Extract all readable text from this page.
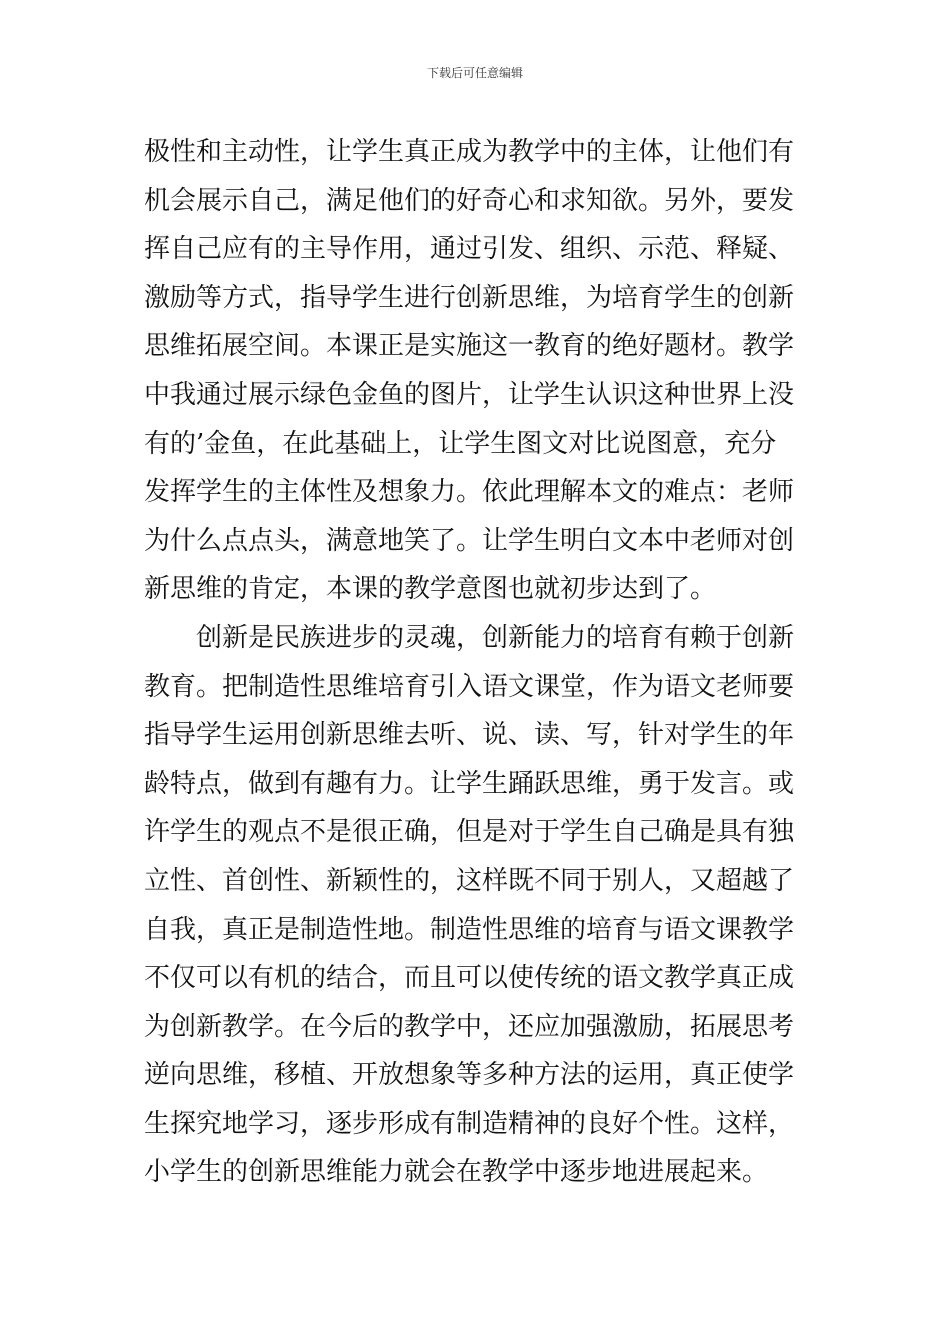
下载后可任意编辑
极性和主动性，让学生真正成为教学中的主体，让他们有
机会展示自己，满足他们的好奇心和求知欲。另外，要发
挥自己应有的主导作用，通过引发、组织、示范、释疑、
激励等方式，指导学生进行创新思维，为培育学生的创新
思维拓展空间。本课正是实施这一教育的绝好题材。教学
中我通过展示绿色金鱼的图片，让学生认识这种世界上没
有的’金鱼，在此基础上，让学生图文对比说图意，充分
发挥学生的主体性及想象力。依此理解本文的难点：老师
为什么点点头，满意地笑了。让学生明白文本中老师对创
新思维的肯定，本课的教学意图也就初步达到了。
创新是民族进步的灵魂，创新能力的培育有赖于创新
教育。把制造性思维培育引入语文课堂，作为语文老师要
指导学生运用创新思维去听、说、读、写，针对学生的年
龄特点，做到有趣有力。让学生踊跃思维，勇于发言。或
许学生的观点不是很正确，但是对于学生自己确是具有独
立性、首创性、新颖性的，这样既不同于别人，又超越了
自我，真正是制造性地。制造性思维的培育与语文课教学
不仅可以有机的结合，而且可以使传统的语文教学真正成
为创新教学。在今后的教学中，还应加强激励，拓展思考
逆向思维，移植、开放想象等多种方法的运用，真正使学
生探究地学习，逐步形成有制造精神的良好个性。这样，
小学生的创新思维能力就会在教学中逐步地进展起来。
